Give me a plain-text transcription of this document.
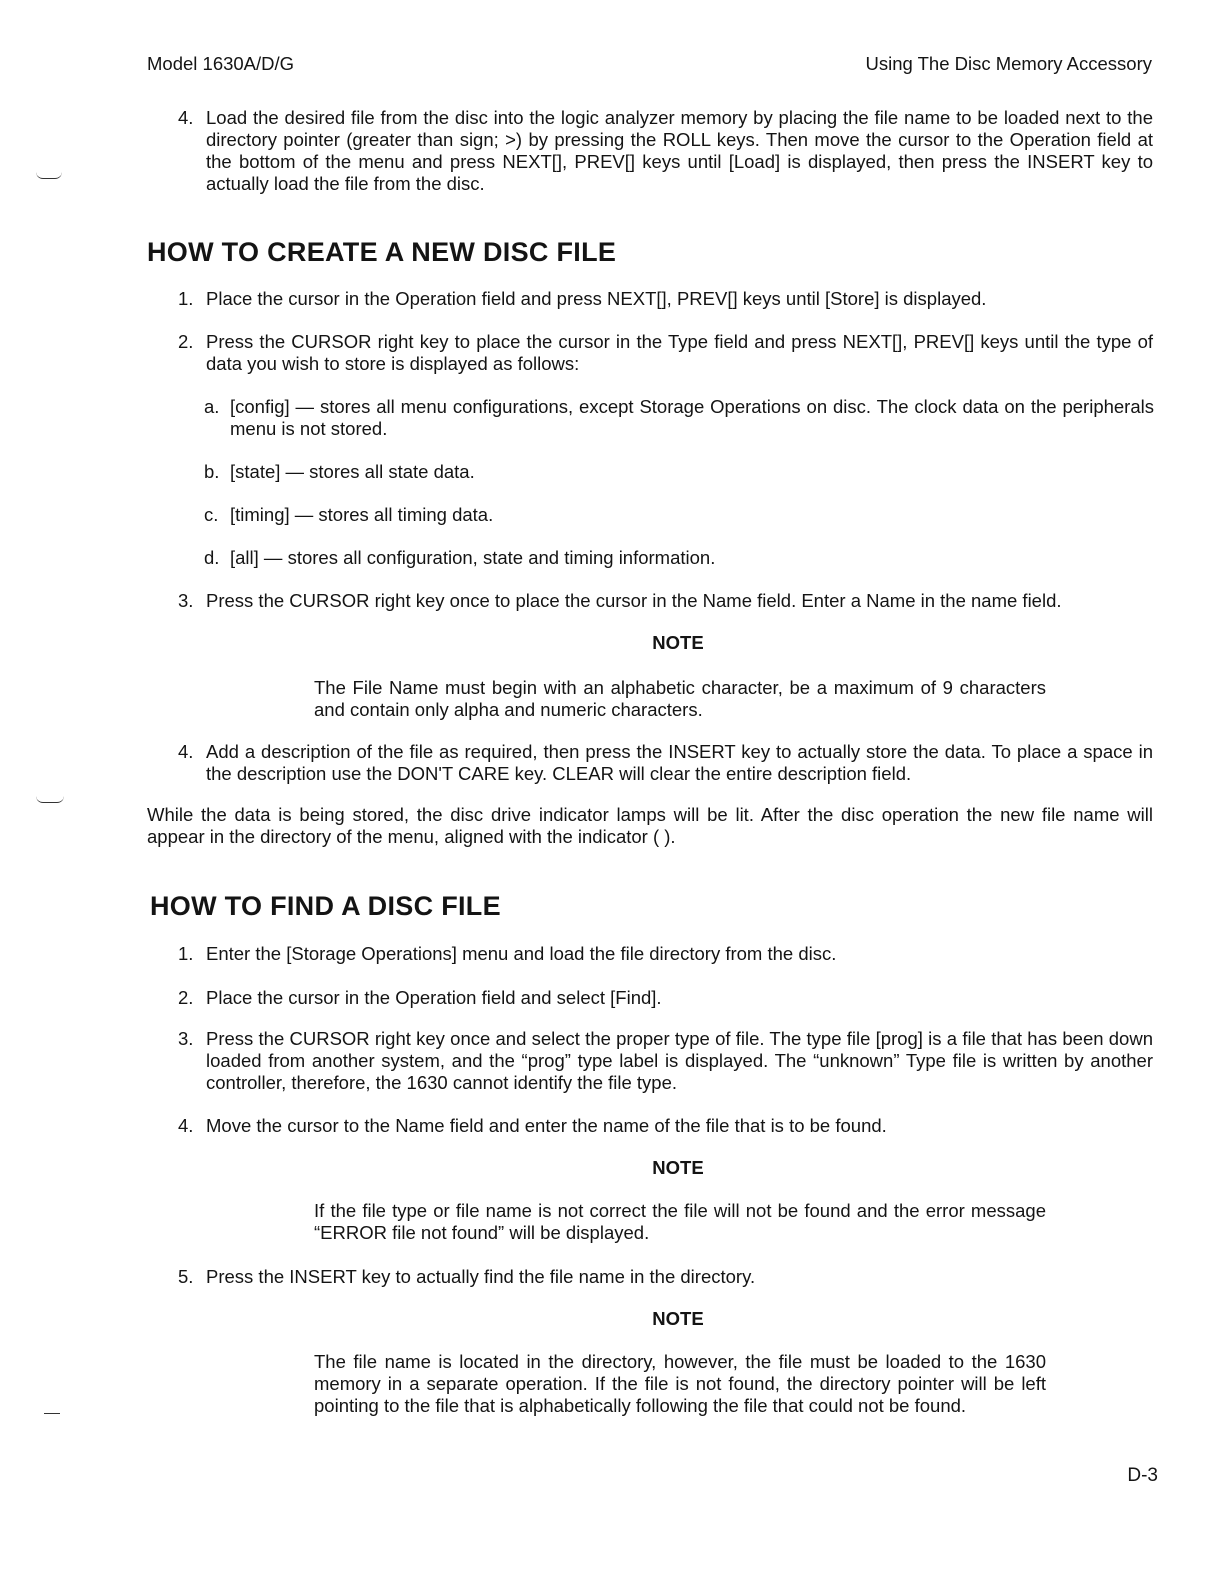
Model 1630A/D/G	Using The Disc Memory Accessory
4. Load the desired file from the disc into the logic analyzer memory by placing the file name to be loaded next to the directory pointer (greater than sign; >) by pressing the ROLL keys. Then move the cursor to the Operation field at the bottom of the menu and press NEXT[], PREV[] keys until [Load] is displayed, then press the INSERT key to actually load the file from the disc.
HOW TO CREATE A NEW DISC FILE
1. Place the cursor in the Operation field and press NEXT[], PREV[] keys until [Store] is displayed.
2. Press the CURSOR right key to place the cursor in the Type field and press NEXT[], PREV[] keys until the type of data you wish to store is displayed as follows:
a. [config] — stores all menu configurations, except Storage Operations on disc. The clock data on the peripherals menu is not stored.
b. [state] — stores all state data.
c. [timing] — stores all timing data.
d. [all] — stores all configuration, state and timing information.
3. Press the CURSOR right key once to place the cursor in the Name field. Enter a Name in the name field.
NOTE
The File Name must begin with an alphabetic character, be a maximum of 9 characters and contain only alpha and numeric characters.
4. Add a description of the file as required, then press the INSERT key to actually store the data. To place a space in the description use the DON'T CARE key. CLEAR will clear the entire description field.
While the data is being stored, the disc drive indicator lamps will be lit. After the disc operation the new file name will appear in the directory of the menu, aligned with the indicator ( ).
HOW TO FIND A DISC FILE
1. Enter the [Storage Operations] menu and load the file directory from the disc.
2. Place the cursor in the Operation field and select [Find].
3. Press the CURSOR right key once and select the proper type of file. The type file [prog] is a file that has been down loaded from another system, and the “prog” type label is displayed. The “unknown” Type file is written by another controller, therefore, the 1630 cannot identify the file type.
4. Move the cursor to the Name field and enter the name of the file that is to be found.
NOTE
If the file type or file name is not correct the file will not be found and the error message “ERROR file not found” will be displayed.
5. Press the INSERT key to actually find the file name in the directory.
NOTE
The file name is located in the directory, however, the file must be loaded to the 1630 memory in a separate operation. If the file is not found, the directory pointer will be left pointing to the file that is alphabetically following the file that could not be found.
D-3
